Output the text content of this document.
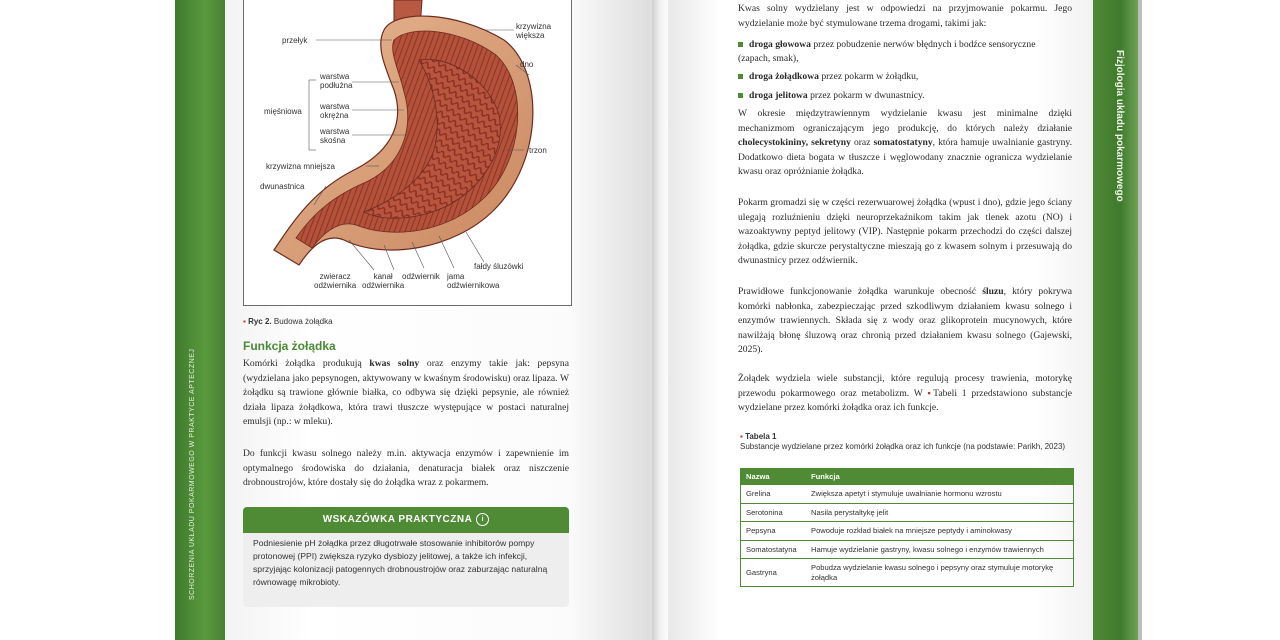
SCHORZENIA UKŁADU POKARMOWEGO W PRAKTYCE APTECZNEJ
Fizjologia układu pokarmowego
przełyk
krzywizna
większa
dno
warstwa
podłużna
mięśniowa
warstwa
okrężna
warstwa
skośna
krzywizna mniejsza
trzon
dwunastnica
fałdy śluzówki
zwieracz
odźwiernika
kanał
odźwiernika
odźwiernik jama
odźwiernikowa
▪ Ryc 2. Budowa żołądka
Funkcja żołądka

Komórki żołądka produkują kwas solny oraz enzymy takie jak: pepsyna (wydzielana jako pepsynogen, aktywowany w kwaśnym środowisku) oraz lipaza. W żołądku są trawione głównie białka, co odbywa się dzięki pepsynie, ale również działa lipaza żołądkowa, która trawi tłuszcze występujące w postaci naturalnej emulsji (np.: w mleku).

Do funkcji kwasu solnego należy m.in. aktywacja enzymów i zapewnienie im optymalnego środowiska do działania, denaturacja białek oraz niszczenie drobnoustrojów, które dostały się do żołądka wraz z pokarmem.

WSKAZÓWKA PRAKTYCZNA i
Podniesienie pH żołądka przez długotrwałe stosowanie inhibitorów pompy protonowej (PPI) zwiększa ryzyko dysbiozy jelitowej, a także ich infekcji, sprzyjając kolonizacji patogennych drobnoustrojów oraz zaburzając naturalną równowagę mikrobioty.

Kwas solny wydzielany jest w odpowiedzi na przyjmowanie pokarmu. Jego wydzielanie może być stymulowane trzema drogami, takimi jak:

droga głowowa przez pobudzenie nerwów błędnych i bodźce sensoryczne (zapach, smak),
droga żołądkowa przez pokarm w żołądku,
droga jelitowa przez pokarm w dwunastnicy.

W okresie międzytrawiennym wydzielanie kwasu jest minimalne dzięki mechanizmom ograniczającym jego produkcję, do których należy działanie cholecystokininy, sekretyny oraz somatostatyny, która hamuje uwalnianie gastryny. Dodatkowo dieta bogata w tłuszcze i węglowodany znacznie ogranicza wydzielanie kwasu oraz opróżnianie żołądka.

Pokarm gromadzi się w części rezerwuarowej żołądka (wpust i dno), gdzie jego ściany ulegają rozluźnieniu dzięki neuroprzekaźnikom takim jak tlenek azotu (NO) i wazoaktywny peptyd jelitowy (VIP). Następnie pokarm przechodzi do części dalszej żołądka, gdzie skurcze perystaltyczne mieszają go z kwasem solnym i przesuwają do dwunastnicy przez odźwiernik.

Prawidłowe funkcjonowanie żołądka warunkuje obecność śluzu, który pokrywa komórki nabłonka, zabezpieczając przed szkodliwym działaniem kwasu solnego i enzymów trawiennych. Składa się z wody oraz glikoprotein mucynowych, które nawilżają błonę śluzową oraz chronią przed działaniem kwasu solnego (Gajewski, 2025).

Żołądek wydziela wiele substancji, które regulują procesy trawienia, motorykę przewodu pokarmowego oraz metabolizm. W ▪Tabeli 1 przedstawiono substancje wydzielane przez komórki żołądka oraz ich funkcje.

▪ Tabela 1
Substancje wydzielane przez komórki żołądka oraz ich funkcje (na podstawie: Parikh, 2023)
Nazwa	Funkcja
Grelina	Zwiększa apetyt i stymuluje uwalnianie hormonu wzrostu
Serotonina	Nasila perystaltykę jelit
Pepsyna	Powoduje rozkład białek na mniejsze peptydy i aminokwasy
Somatostatyna	Hamuje wydzielanie gastryny, kwasu solnego i enzymów trawiennych
Gastryna	Pobudza wydzielanie kwasu solnego i pepsyny oraz stymuluje motorykę żołądka
